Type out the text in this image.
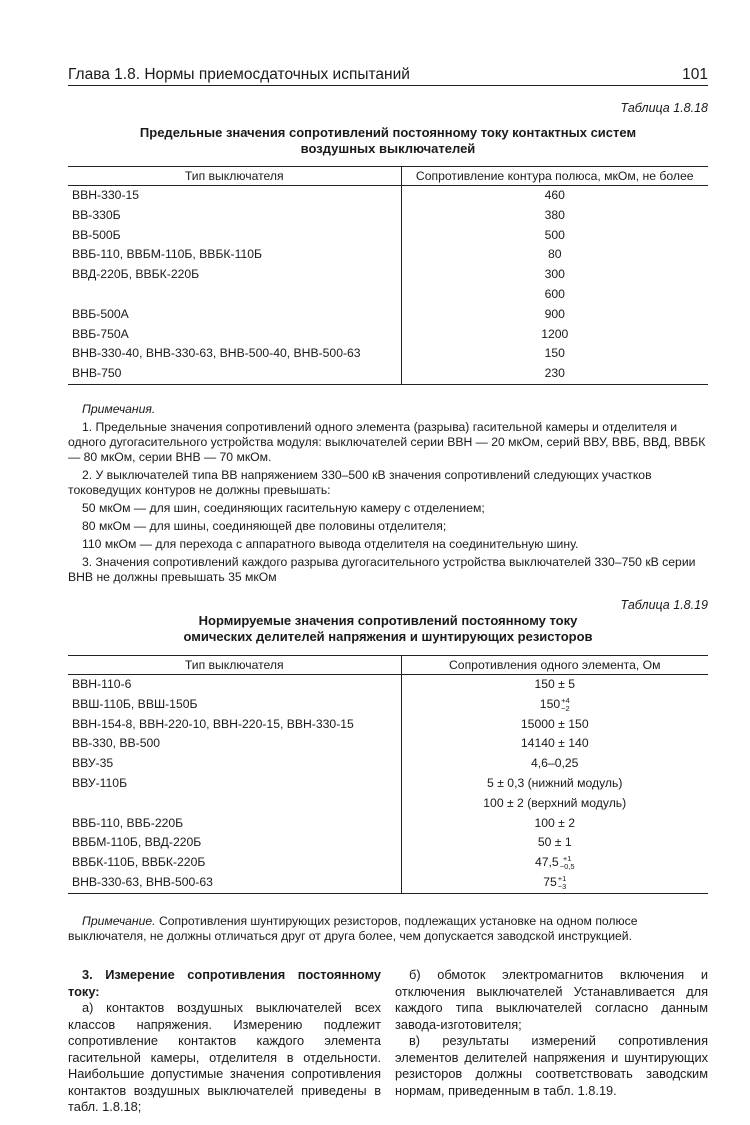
Глава 1.8. Нормы приемосдаточных испытаний	101
Таблица 1.8.18
Предельные значения сопротивлений постоянному току контактных систем
воздушных выключателей
Тип выключателя	Сопротивление контура полюса, мкОм, не более
ВВН-330-15	460
ВВ-330Б	380
ВВ-500Б	500
ВВБ-110, ВВБМ-110Б, ВВБК-110Б	80
ВВД-220Б, ВВБК-220Б	300
	600
ВВБ-500А	900
ВВБ-750А	1200
ВНВ-330-40, ВНВ-330-63, ВНВ-500-40, ВНВ-500-63	150
ВНВ-750	230

Примечания.

1. Предельные значения сопротивлений одного элемента (разрыва) гасительной камеры и отделителя и одного дугогасительного устройства модуля: выключателей серии ВВН — 20 мкОм, серий ВВУ, ВВБ, ВВД, ВВБК — 80 мкОм, серии ВНВ — 70 мкОм.

2. У выключателей типа ВВ напряжением 330–500 кВ значения сопротивлений следующих участков токоведущих контуров не должны превышать:

50 мкОм — для шин, соединяющих гасительную камеру с отделением;

80 мкОм — для шины, соединяющей две половины отделителя;

110 мкОм — для перехода с аппаратного вывода отделителя на соединительную шину.

3. Значения сопротивлений каждого разрыва дугогасительного устройства выключателей 330–750 кВ серии ВНВ не должны превышать 35 мкОм

Таблица 1.8.19
Нормируемые значения сопротивлений постоянному току
омических делителей напряжения и шунтирующих резисторов
Тип выключателя	Сопротивления одного элемента, Ом
ВВН-110-6	150 ± 5
ВВШ-110Б, ВВШ-150Б	150 +4
−2

ВВН-154-8, ВВН-220-10, ВВН-220-15, ВВН-330-15	15000 ± 150
ВВ-330, ВВ-500	14140 ± 140
ВВУ-35	4,6–0,25
ВВУ-110Б	5 ± 0,3 (нижний модуль)
	100 ± 2 (верхний модуль)
ВВБ-110, ВВБ-220Б	100 ± 2
ВВБМ-110Б, ВВД-220Б	50 ± 1
ВВБК-110Б, ВВБК-220Б	47,5 +1
−0,5

ВНВ-330-63, ВНВ-500-63	75 +1
−3
Примечание. Сопротивления шунтирующих резисторов, подлежащих установке на одном полюсе выключателя, не должны отличаться друг от друга более, чем допускается заводской инструкцией.

3. Измерение сопротивления постоянному току:

а) контактов воздушных выключателей всех классов напряжения. Измерению подлежит сопротивление контактов каждого элемента гасительной камеры, отделителя в отдельности. Наибольшие допустимые значения сопротивления контактов воздушных выключателей приведены в табл. 1.8.18;

б) обмоток электромагнитов включения и отключения выключателей Устанавливается для каждого типа выключателей согласно данным завода-изготовителя;

в) результаты измерений сопротивления элементов делителей напряжения и шунтирующих резисторов должны соответствовать заводским нормам, приведенным в табл. 1.8.19.
